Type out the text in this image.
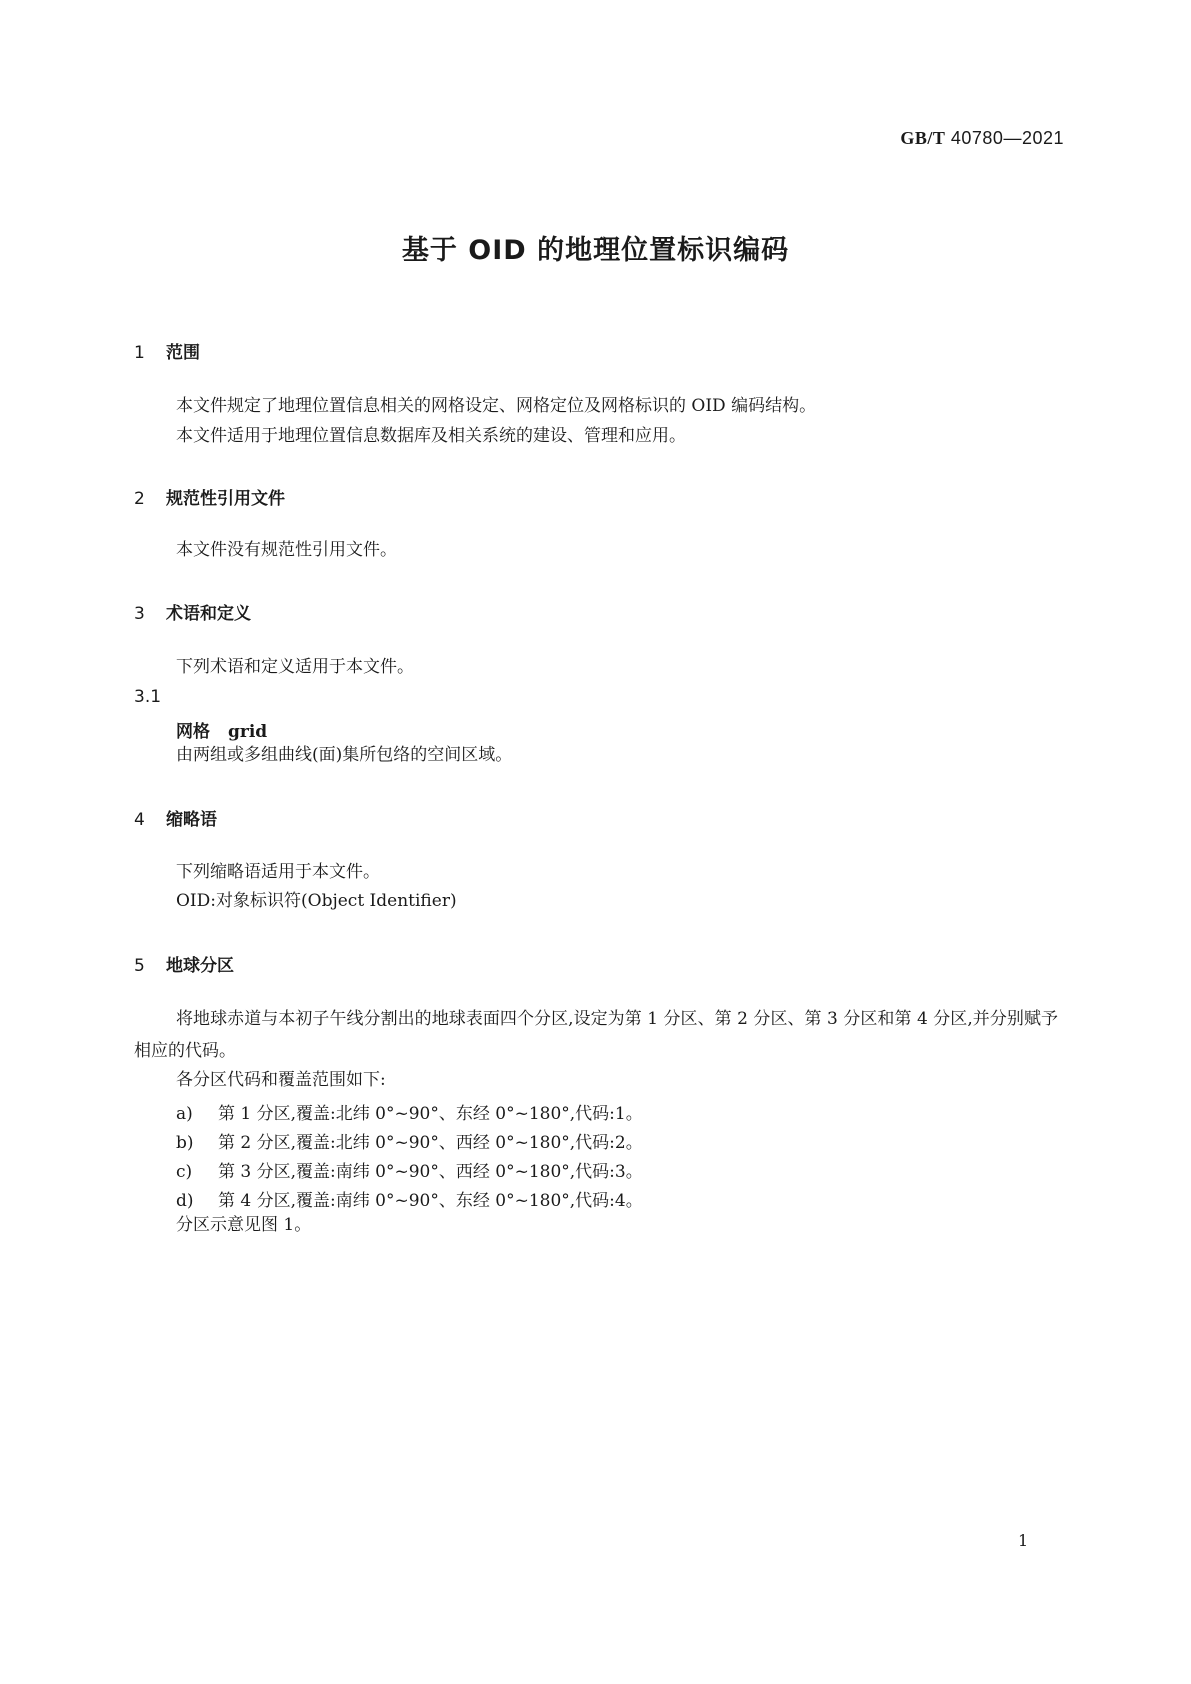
GB/T 40780—2021
基于 OID 的地理位置标识编码
1 范围
本文件规定了地理位置信息相关的网格设定、网格定位及网格标识的 OID 编码结构。
本文件适用于地理位置信息数据库及相关系统的建设、管理和应用。
2 规范性引用文件
本文件没有规范性引用文件。
3 术语和定义
下列术语和定义适用于本文件。
3.1
网格 grid
由两组或多组曲线(面)集所包络的空间区域。
4 缩略语
下列缩略语适用于本文件。
OID:对象标识符(Object Identifier)
5 地球分区
将地球赤道与本初子午线分割出的地球表面四个分区,设定为第 1 分区、第 2 分区、第 3 分区和第 4 分区,并分别赋予相应的代码。
各分区代码和覆盖范围如下:
a) 第 1 分区,覆盖:北纬 0°~90°、东经 0°~180°,代码:1。
b) 第 2 分区,覆盖:北纬 0°~90°、西经 0°~180°,代码:2。
c) 第 3 分区,覆盖:南纬 0°~90°、西经 0°~180°,代码:3。
d) 第 4 分区,覆盖:南纬 0°~90°、东经 0°~180°,代码:4。
分区示意见图 1。
1
